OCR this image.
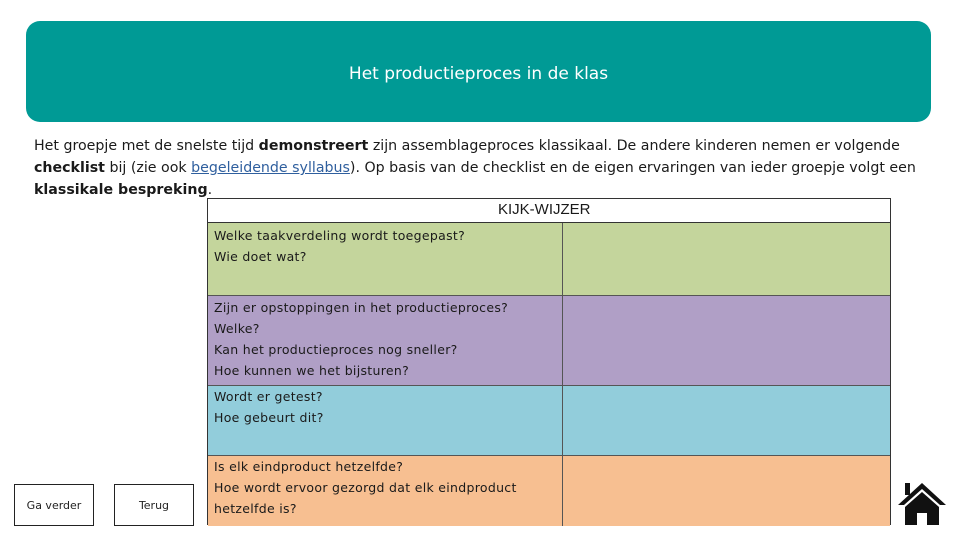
Het productieproces in de klas
Het groepje met de snelste tijd demonstreert zijn assemblageproces klassikaal. De andere kinderen nemen er volgende checklist bij (zie ook begeleidende syllabus). Op basis van de checklist en de eigen ervaringen van ieder groepje volgt een klassikale bespreking.
KIJK-WIJZER
Welke taakverdeling wordt toegepast?
Wie doet wat?
Zijn er opstoppingen in het productieproces?
Welke?
Kan het productieproces nog sneller?
Hoe kunnen we het bijsturen?
Wordt er getest?
Hoe gebeurt dit?
Is elk eindproduct hetzelfde?
Hoe wordt ervoor gezorgd dat elk eindproduct
hetzelfde is?
Ga verder	Terug
